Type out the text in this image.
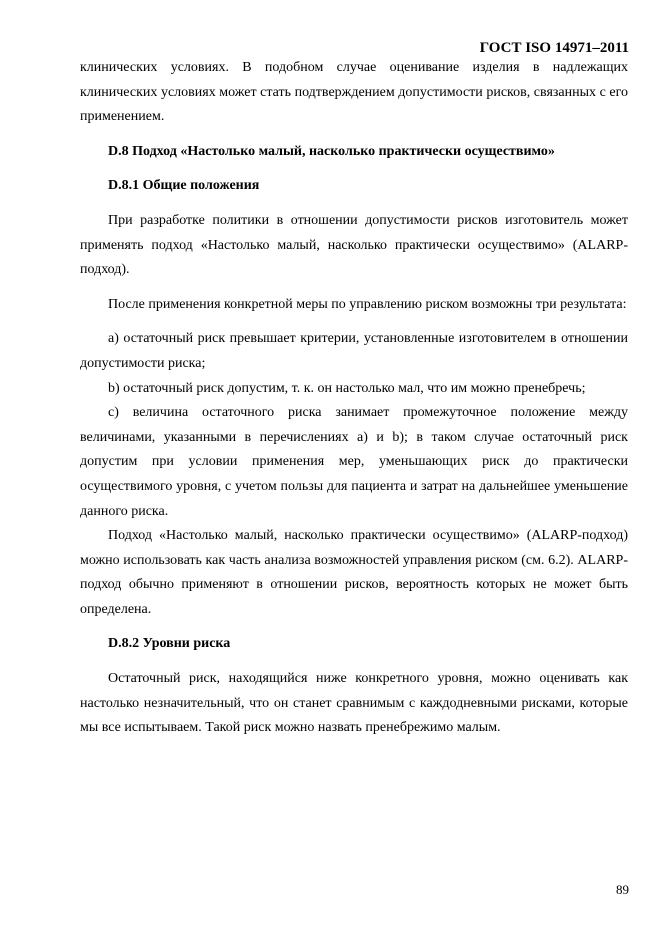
ГОСТ ISO 14971–2011

клинических условиях. В подобном случае оценивание изделия в надлежащих клинических условиях может стать подтверждением допустимости рисков, связанных с его применением.

D.8 Подход «Настолько малый, насколько практически осуществимо»

D.8.1 Общие положения

При разработке политики в отношении допустимости рисков изготовитель может применять подход «Настолько малый, насколько практически осуществимо» (ALARP-подход).

После применения конкретной меры по управлению риском возможны три результата:

a) остаточный риск превышает критерии, установленные изготовителем в отношении допустимости риска;

b) остаточный риск допустим, т. к. он настолько мал, что им можно пренебречь;

c) величина остаточного риска занимает промежуточное положение между величинами, указанными в перечислениях a) и b); в таком случае остаточный риск допустим при условии применения мер, уменьшающих риск до практически осуществимого уровня, с учетом пользы для пациента и затрат на дальнейшее уменьшение данного риска.

Подход «Настолько малый, насколько практически осуществимо» (ALARP-подход) можно использовать как часть анализа возможностей управления риском (см. 6.2). ALARP-подход обычно применяют в отношении рисков, вероятность которых не может быть определена.

D.8.2 Уровни риска

Остаточный риск, находящийся ниже конкретного уровня, можно оценивать как настолько незначительный, что он станет сравнимым с каждодневными рисками, которые мы все испытываем. Такой риск можно назвать пренебрежимо малым.

89
